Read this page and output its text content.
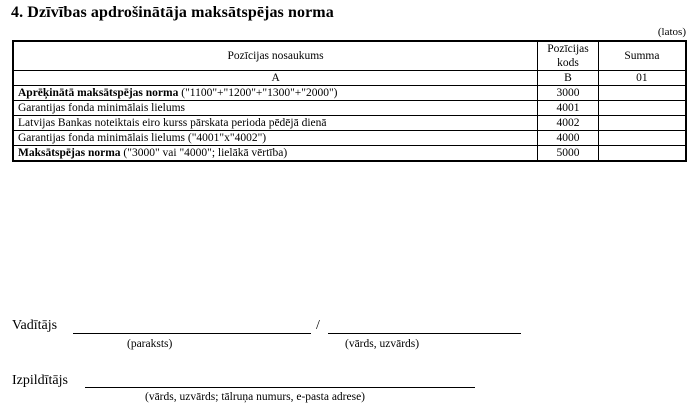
4. Dzīvības apdrošinātāja maksātspējas norma
(latos)
Pozīcijas nosaukums	Pozīcijas kods	Summa
A	B	01
Aprēķinātā maksātspējas norma ("1100"+"1200"+"1300"+"2000")	3000	
Garantijas fonda minimālais lielums	4001	
Latvijas Bankas noteiktais eiro kurss pārskata perioda pēdējā dienā	4002	
Garantijas fonda minimālais lielums ("4001"x"4002")	4000	
Maksātspējas norma ("3000" vai "4000"; lielākā vērtība)	5000	
Vadītājs	/
(paraksts)	(vārds, uzvārds)
Izpildītājs
(vārds, uzvārds; tālruņa numurs, e-pasta adrese)
